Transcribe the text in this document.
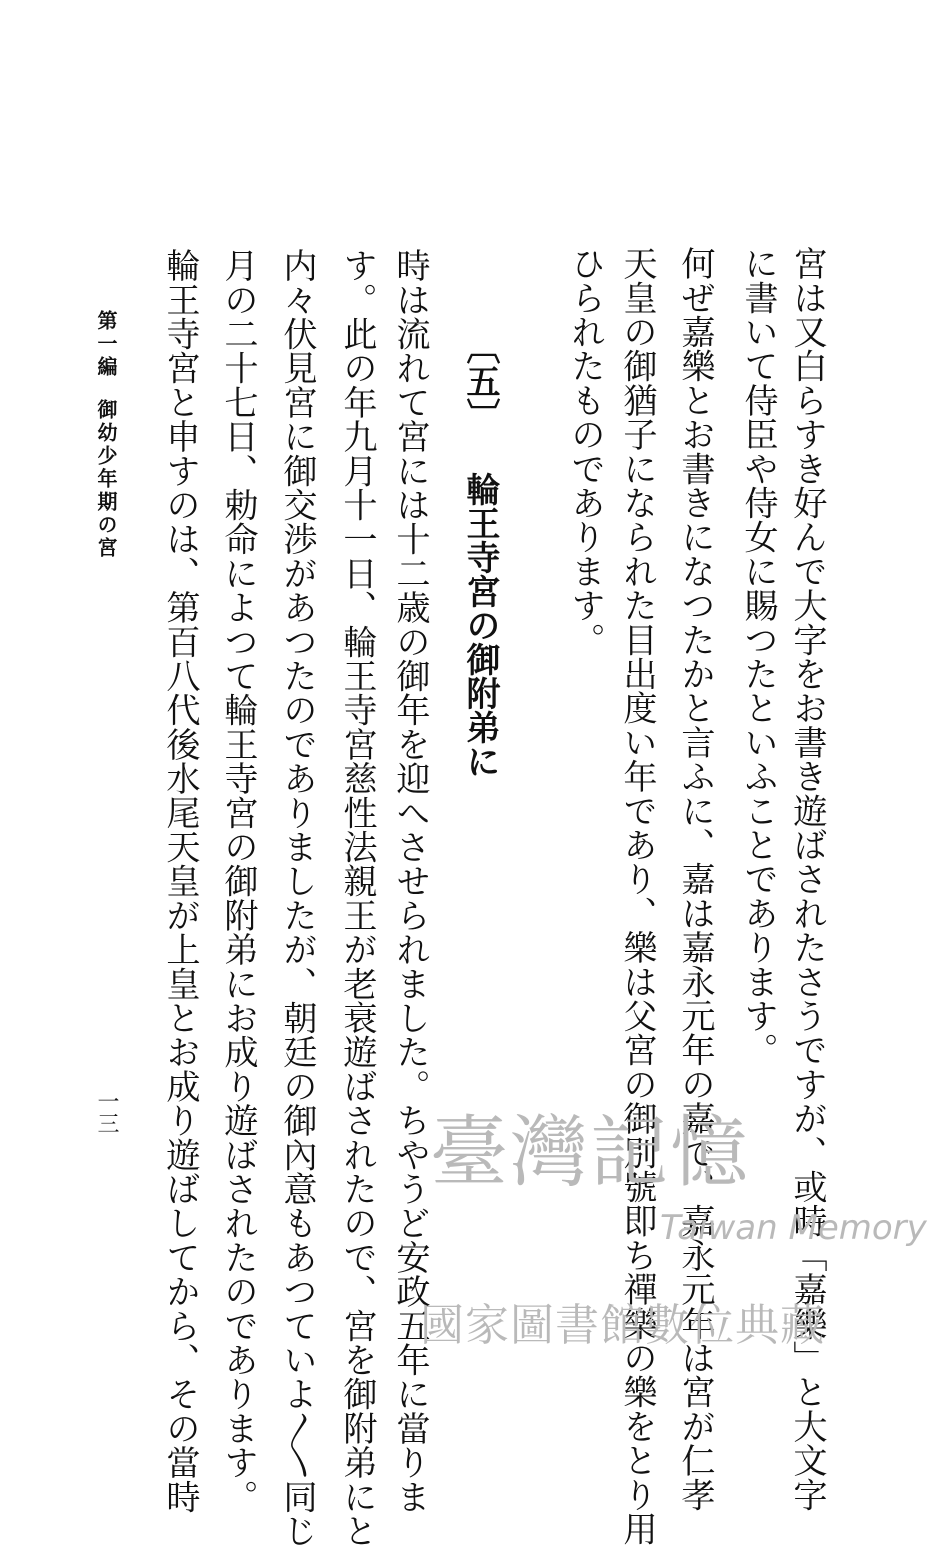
宮は又白らすき好んで大字をお書き遊ばされたさうですが、或時「嘉樂」と大文字
に書いて侍臣や侍女に賜つたといふことであります。
何ぜ嘉樂とお書きになつたかと言ふに、嘉は嘉永元年の嘉で、嘉永元年は宮が仁孝
天皇の御猶子になられた目出度い年であり、樂は父宮の御別號即ち禪樂の樂をとり用
ひられたものであります。
〔五〕輪王寺宮の御附弟に
時は流れて宮には十二歳の御年を迎へさせられました。ちやうど安政五年に當りま
す。此の年九月十一日、輪王寺宮慈性法親王が老衰遊ばされたので、宮を御附弟にと
内々伏見宮に御交渉があつたのでありましたが、朝廷の御內意もあつていよ〳〵同じ
月の二十七日、勅命によつて輪王寺宮の御附弟にお成り遊ばされたのであります。
輪王寺宮と申すのは、第百八代後水尾天皇が上皇とお成り遊ばしてから、その當時
第一編御幼少年期の宮
一三	臺灣記憶
Taiwan Memory
國家圖書館數位典藏
